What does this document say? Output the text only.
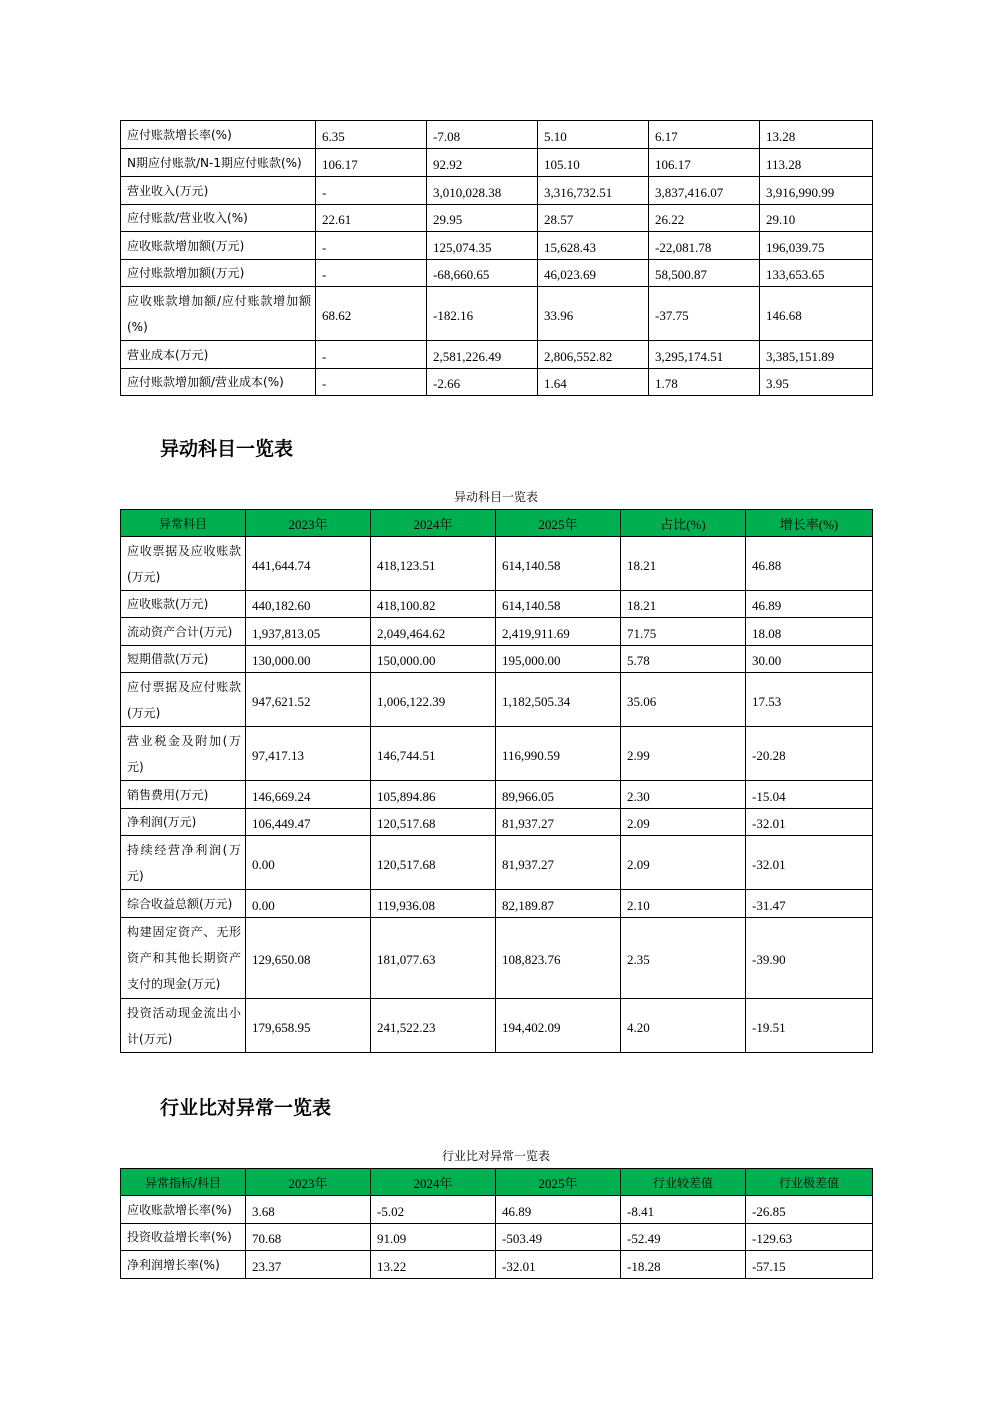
应付账款增长率(%)	6.35	-7.08	5.10	6.17	13.28
N期应付账款/N-1期应付账款(%)	106.17	92.92	105.10	106.17	113.28
营业收入(万元)	-	3,010,028.38	3,316,732.51	3,837,416.07	3,916,990.99
应付账款/营业收入(%)	22.61	29.95	28.57	26.22	29.10
应收账款增加额(万元)	-	125,074.35	15,628.43	-22,081.78	196,039.75
应付账款增加额(万元)	-	-68,660.65	46,023.69	58,500.87	133,653.65
应收账款增加额/应付账款增加额(%)	68.62	-182.16	33.96	-37.75	146.68
营业成本(万元)	-	2,581,226.49	2,806,552.82	3,295,174.51	3,385,151.89
应付账款增加额/营业成本(%)	-	-2.66	1.64	1.78	3.95
异动科目一览表
异动科目一览表
异常科目	2023年	2024年	2025年	占比(%)	增长率(%)
应收票据及应收账款(万元)	441,644.74	418,123.51	614,140.58	18.21	46.88
应收账款(万元)	440,182.60	418,100.82	614,140.58	18.21	46.89
流动资产合计(万元)	1,937,813.05	2,049,464.62	2,419,911.69	71.75	18.08
短期借款(万元)	130,000.00	150,000.00	195,000.00	5.78	30.00
应付票据及应付账款(万元)	947,621.52	1,006,122.39	1,182,505.34	35.06	17.53
营业税金及附加(万元)	97,417.13	146,744.51	116,990.59	2.99	-20.28
销售费用(万元)	146,669.24	105,894.86	89,966.05	2.30	-15.04
净利润(万元)	106,449.47	120,517.68	81,937.27	2.09	-32.01
持续经营净利润(万元)	0.00	120,517.68	81,937.27	2.09	-32.01
综合收益总额(万元)	0.00	119,936.08	82,189.87	2.10	-31.47
构建固定资产、无形资产和其他长期资产支付的现金(万元)	129,650.08	181,077.63	108,823.76	2.35	-39.90
投资活动现金流出小计(万元)	179,658.95	241,522.23	194,402.09	4.20	-19.51
行业比对异常一览表
行业比对异常一览表
异常指标/科目	2023年	2024年	2025年	行业较差值	行业极差值
应收账款增长率(%)	3.68	-5.02	46.89	-8.41	-26.85
投资收益增长率(%)	70.68	91.09	-503.49	-52.49	-129.63
净利润增长率(%)	23.37	13.22	-32.01	-18.28	-57.15
